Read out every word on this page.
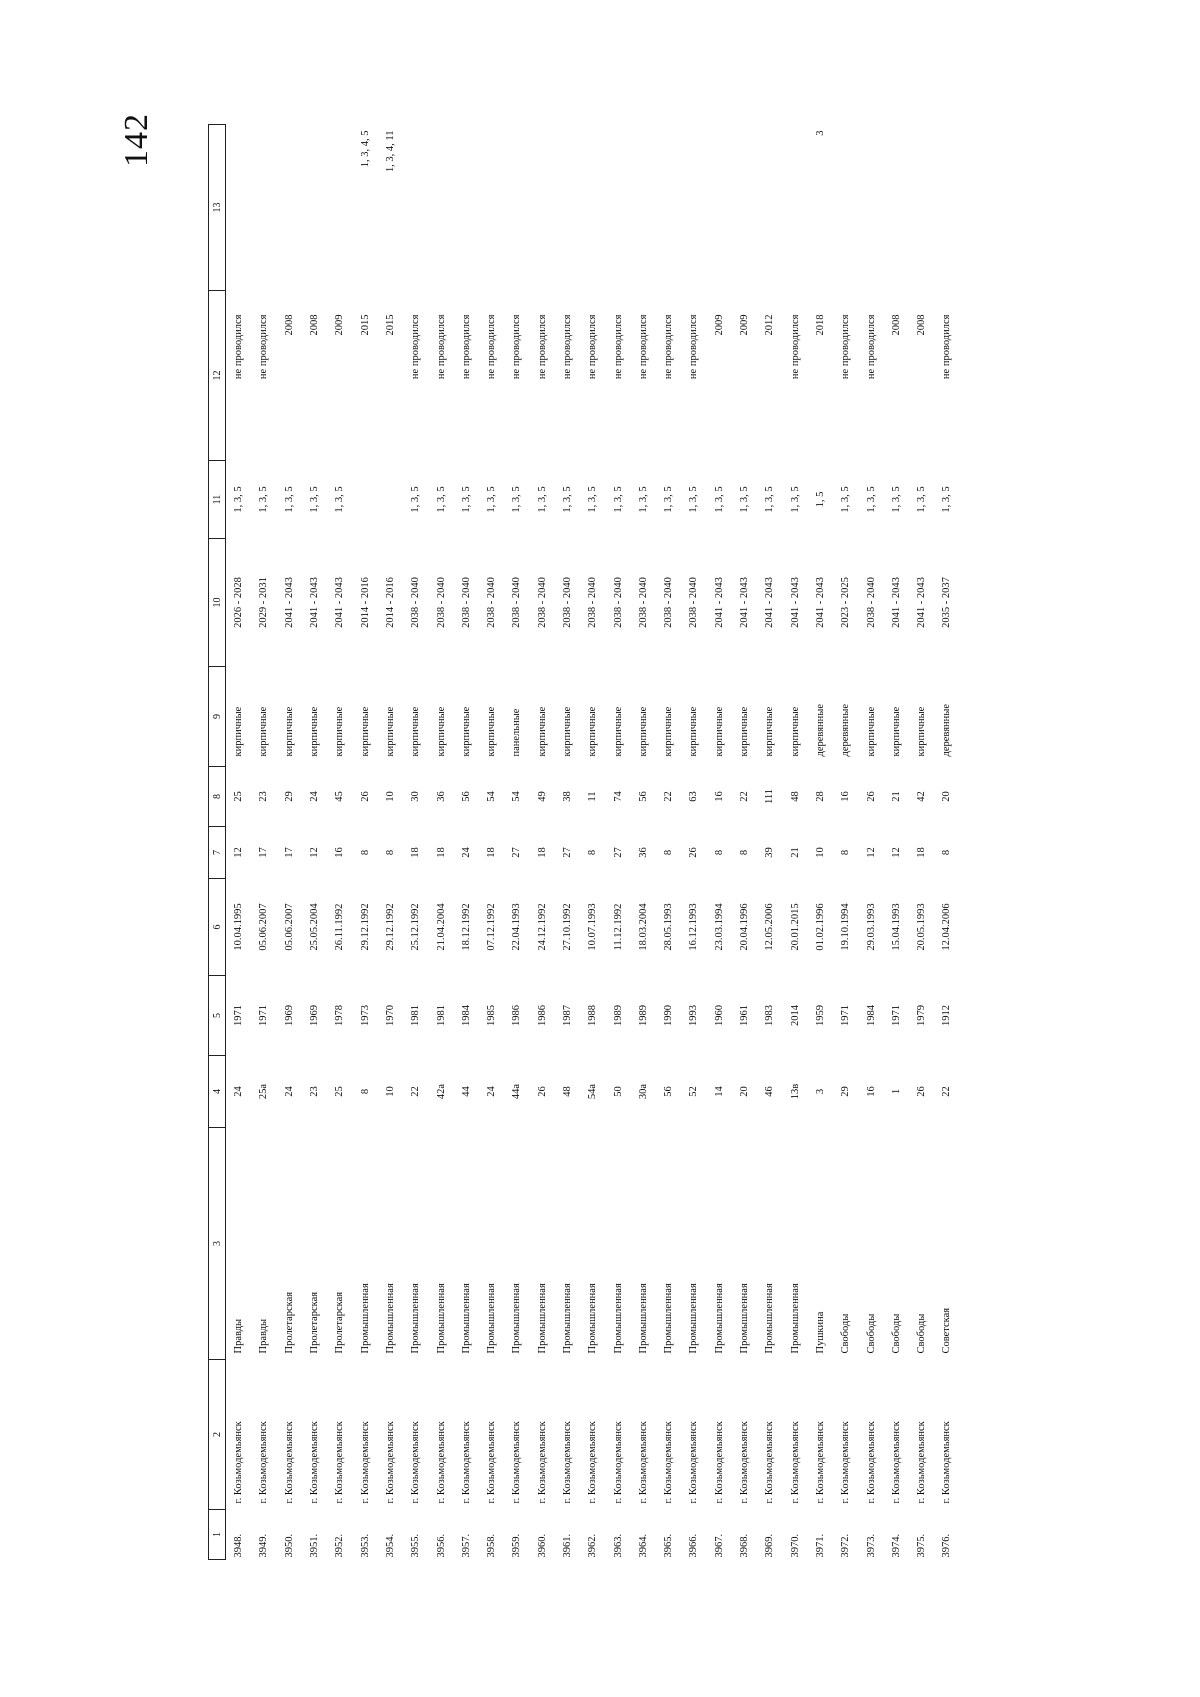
142
1	2	3	4	5	6	7	8	9	10	11	12	13
3948.	г. Козьмодемьянск	Правды	24	1971	10.04.1995	12	25	кирпичные	2026 - 2028	1, 3, 5	не проводился	
3949.	г. Козьмодемьянск	Правды	25а	1971	05.06.2007	17	23	кирпичные	2029 - 2031	1, 3, 5	не проводился	
3950.	г. Козьмодемьянск	Пролетарская	24	1969	05.06.2007	17	29	кирпичные	2041 - 2043	1, 3, 5	2008	
3951.	г. Козьмодемьянск	Пролетарская	23	1969	25.05.2004	12	24	кирпичные	2041 - 2043	1, 3, 5	2008	
3952.	г. Козьмодемьянск	Пролетарская	25	1978	26.11.1992	16	45	кирпичные	2041 - 2043	1, 3, 5	2009	
3953.	г. Козьмодемьянск	Промышленная	8	1973	29.12.1992	8	26	кирпичные	2014 - 2016		2015	1, 3, 4, 5
3954.	г. Козьмодемьянск	Промышленная	10	1970	29.12.1992	8	10	кирпичные	2014 - 2016		2015	1, 3, 4, 11
3955.	г. Козьмодемьянск	Промышленная	22	1981	25.12.1992	18	30	кирпичные	2038 - 2040	1, 3, 5	не проводился	
3956.	г. Козьмодемьянск	Промышленная	42а	1981	21.04.2004	18	36	кирпичные	2038 - 2040	1, 3, 5	не проводился	
3957.	г. Козьмодемьянск	Промышленная	44	1984	18.12.1992	24	56	кирпичные	2038 - 2040	1, 3, 5	не проводился	
3958.	г. Козьмодемьянск	Промышленная	24	1985	07.12.1992	18	54	кирпичные	2038 - 2040	1, 3, 5	не проводился	
3959.	г. Козьмодемьянск	Промышленная	44а	1986	22.04.1993	27	54	панельные	2038 - 2040	1, 3, 5	не проводился	
3960.	г. Козьмодемьянск	Промышленная	26	1986	24.12.1992	18	49	кирпичные	2038 - 2040	1, 3, 5	не проводился	
3961.	г. Козьмодемьянск	Промышленная	48	1987	27.10.1992	27	38	кирпичные	2038 - 2040	1, 3, 5	не проводился	
3962.	г. Козьмодемьянск	Промышленная	54а	1988	10.07.1993	8	11	кирпичные	2038 - 2040	1, 3, 5	не проводился	
3963.	г. Козьмодемьянск	Промышленная	50	1989	11.12.1992	27	74	кирпичные	2038 - 2040	1, 3, 5	не проводился	
3964.	г. Козьмодемьянск	Промышленная	30а	1989	18.03.2004	36	56	кирпичные	2038 - 2040	1, 3, 5	не проводился	
3965.	г. Козьмодемьянск	Промышленная	56	1990	28.05.1993	8	22	кирпичные	2038 - 2040	1, 3, 5	не проводился	
3966.	г. Козьмодемьянск	Промышленная	52	1993	16.12.1993	26	63	кирпичные	2038 - 2040	1, 3, 5	не проводился	
3967.	г. Козьмодемьянск	Промышленная	14	1960	23.03.1994	8	16	кирпичные	2041 - 2043	1, 3, 5	2009	
3968.	г. Козьмодемьянск	Промышленная	20	1961	20.04.1996	8	22	кирпичные	2041 - 2043	1, 3, 5	2009	
3969.	г. Козьмодемьянск	Промышленная	46	1983	12.05.2006	39	111	кирпичные	2041 - 2043	1, 3, 5	2012	
3970.	г. Козьмодемьянск	Промышленная	13в	2014	20.01.2015	21	48	кирпичные	2041 - 2043	1, 3, 5	не проводился	
3971.	г. Козьмодемьянск	Пушкина	3	1959	01.02.1996	10	28	деревянные	2041 - 2043	1, 5	2018	3
3972.	г. Козьмодемьянск	Свободы	29	1971	19.10.1994	8	16	деревянные	2023 - 2025	1, 3, 5	не проводился	
3973.	г. Козьмодемьянск	Свободы	16	1984	29.03.1993	12	26	кирпичные	2038 - 2040	1, 3, 5	не проводился	
3974.	г. Козьмодемьянск	Свободы	1	1971	15.04.1993	12	21	кирпичные	2041 - 2043	1, 3, 5	2008	
3975.	г. Козьмодемьянск	Свободы	26	1979	20.05.1993	18	42	кирпичные	2041 - 2043	1, 3, 5	2008	
3976.	г. Козьмодемьянск	Советская	22	1912	12.04.2006	8	20	деревянные	2035 - 2037	1, 3, 5	не проводился	
